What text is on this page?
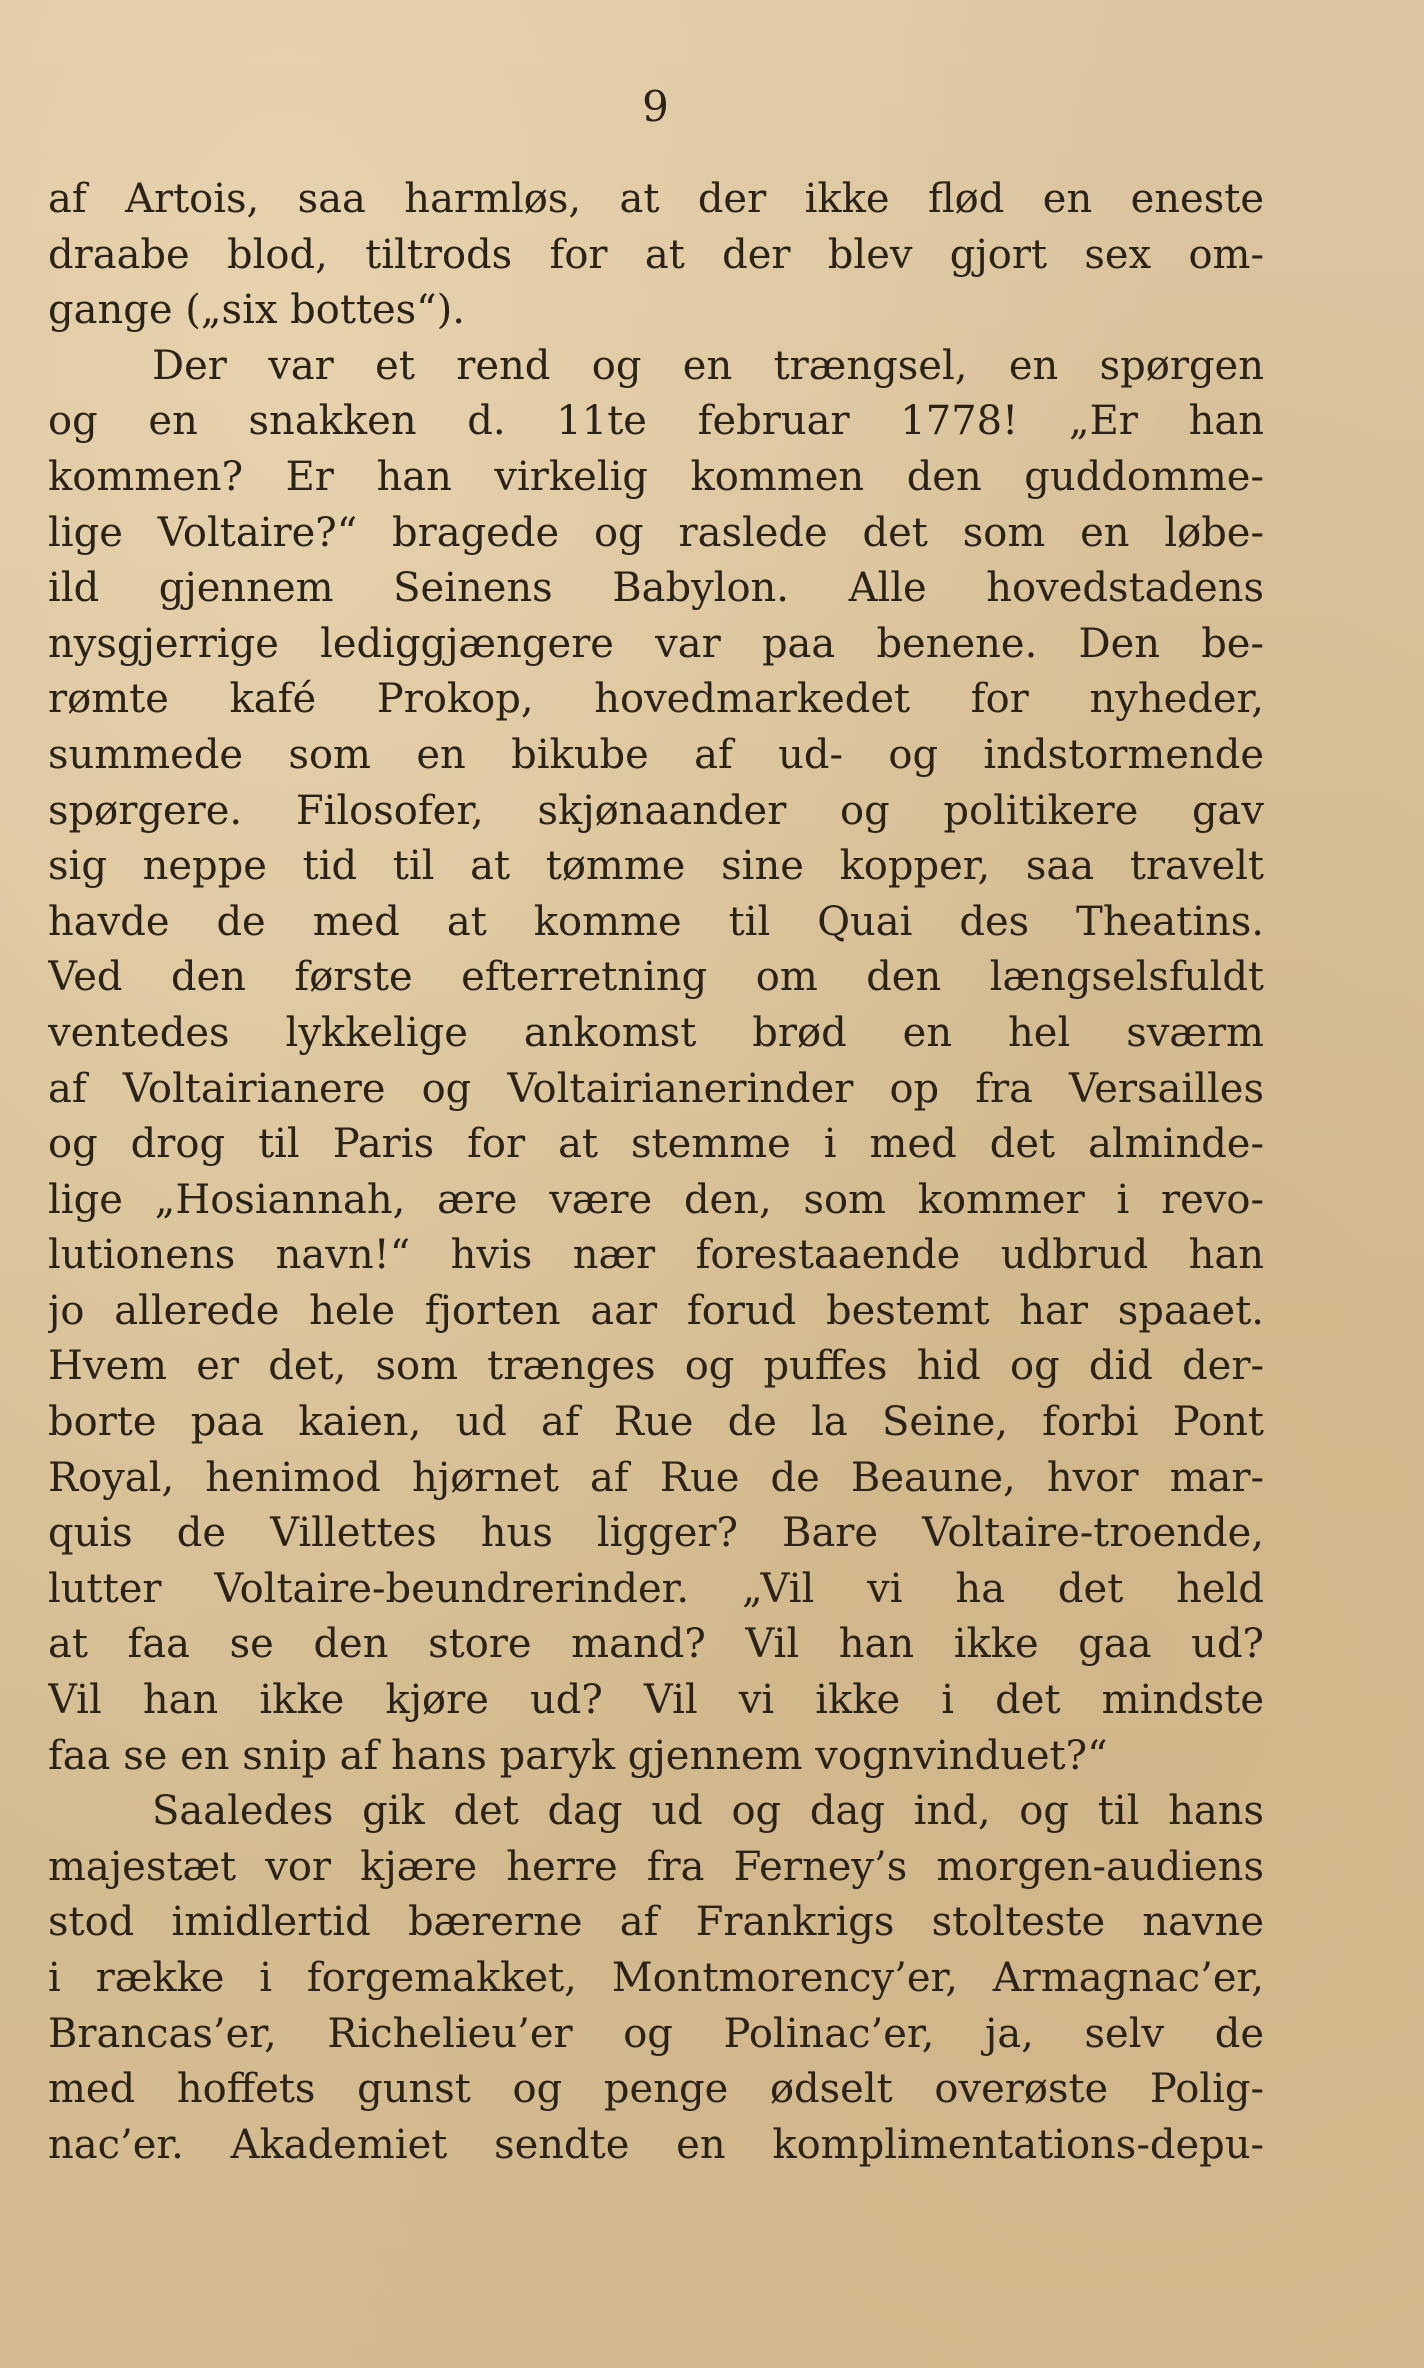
9
af Artois, saa harmløs, at der ikke flød en eneste
draabe blod, tiltrods for at der blev gjort sex om-
gange („six bottes“).
Der var et rend og en trængsel, en spørgen
og en snakken d. 11te februar 1778! „Er han
kommen? Er han virkelig kommen den guddomme-
lige Voltaire?“ bragede og raslede det som en løbe-
ild gjennem Seinens Babylon. Alle hovedstadens
nysgjerrige lediggjængere var paa benene. Den be-
rømte kafé Prokop, hovedmarkedet for nyheder,
summede som en bikube af ud- og indstormende
spørgere. Filosofer, skjønaander og politikere gav
sig neppe tid til at tømme sine kopper, saa travelt
havde de med at komme til Quai des Theatins.
Ved den første efterretning om den længselsfuldt
ventedes lykkelige ankomst brød en hel sværm
af Voltairianere og Voltairianerinder op fra Versailles
og drog til Paris for at stemme i med det alminde-
lige „Hosiannah, ære være den, som kommer i revo-
lutionens navn!“ hvis nær forestaaende udbrud han
jo allerede hele fjorten aar forud bestemt har spaaet.
Hvem er det, som trænges og puffes hid og did der-
borte paa kaien, ud af Rue de la Seine, forbi Pont
Royal, henimod hjørnet af Rue de Beaune, hvor mar-
quis de Villettes hus ligger? Bare Voltaire-troende,
lutter Voltaire-beundrerinder. „Vil vi ha det held
at faa se den store mand? Vil han ikke gaa ud?
Vil han ikke kjøre ud? Vil vi ikke i det mindste
faa se en snip af hans paryk gjennem vognvinduet?“
Saaledes gik det dag ud og dag ind, og til hans
majestæt vor kjære herre fra Ferney’s morgen-audiens
stod imidlertid bærerne af Frankrigs stolteste navne
i række i forgemakket, Montmorency’er, Armagnac’er,
Brancas’er, Richelieu’er og Polinac’er, ja, selv de
med hoffets gunst og penge ødselt overøste Polig-
nac’er. Akademiet sendte en komplimentations-depu-
